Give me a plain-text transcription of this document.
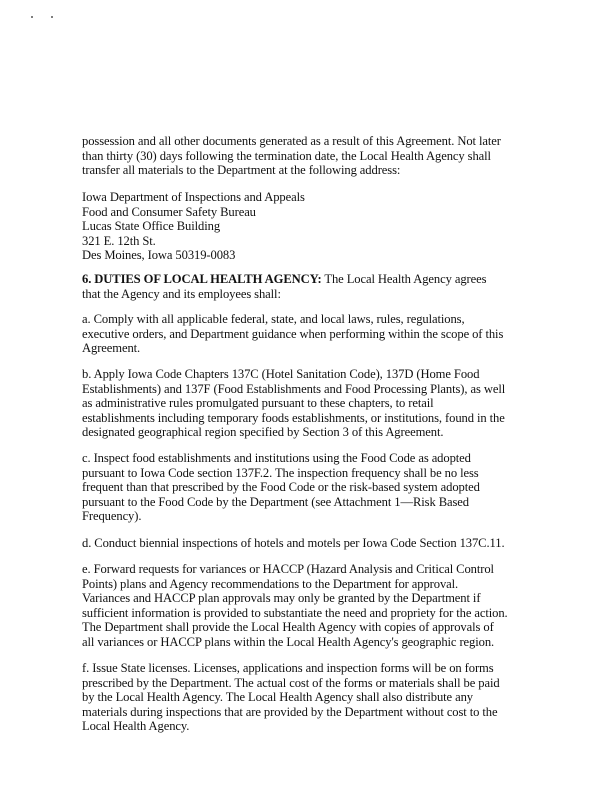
possession and all other documents generated as a result of this Agreement. Not later
than thirty (30) days following the termination date, the Local Health Agency shall
transfer all materials to the Department at the following address:
Iowa Department of Inspections and Appeals
Food and Consumer Safety Bureau
Lucas State Office Building
321 E. 12th St.
Des Moines, Iowa 50319-0083
6. DUTIES OF LOCAL HEALTH AGENCY: The Local Health Agency agrees
that the Agency and its employees shall:
a. Comply with all applicable federal, state, and local laws, rules, regulations,
executive orders, and Department guidance when performing within the scope of this
Agreement.
b. Apply Iowa Code Chapters 137C (Hotel Sanitation Code), 137D (Home Food
Establishments) and 137F (Food Establishments and Food Processing Plants), as well
as administrative rules promulgated pursuant to these chapters, to retail
establishments including temporary foods establishments, or institutions, found in the
designated geographical region specified by Section 3 of this Agreement.
c. Inspect food establishments and institutions using the Food Code as adopted
pursuant to Iowa Code section 137F.2. The inspection frequency shall be no less
frequent than that prescribed by the Food Code or the risk-based system adopted
pursuant to the Food Code by the Department (see Attachment 1—Risk Based
Frequency).
d. Conduct biennial inspections of hotels and motels per Iowa Code Section 137C.11.
e. Forward requests for variances or HACCP (Hazard Analysis and Critical Control
Points) plans and Agency recommendations to the Department for approval.
Variances and HACCP plan approvals may only be granted by the Department if
sufficient information is provided to substantiate the need and propriety for the action.
The Department shall provide the Local Health Agency with copies of approvals of
all variances or HACCP plans within the Local Health Agency's geographic region.
f. Issue State licenses. Licenses, applications and inspection forms will be on forms
prescribed by the Department. The actual cost of the forms or materials shall be paid
by the Local Health Agency. The Local Health Agency shall also distribute any
materials during inspections that are provided by the Department without cost to the
Local Health Agency.
